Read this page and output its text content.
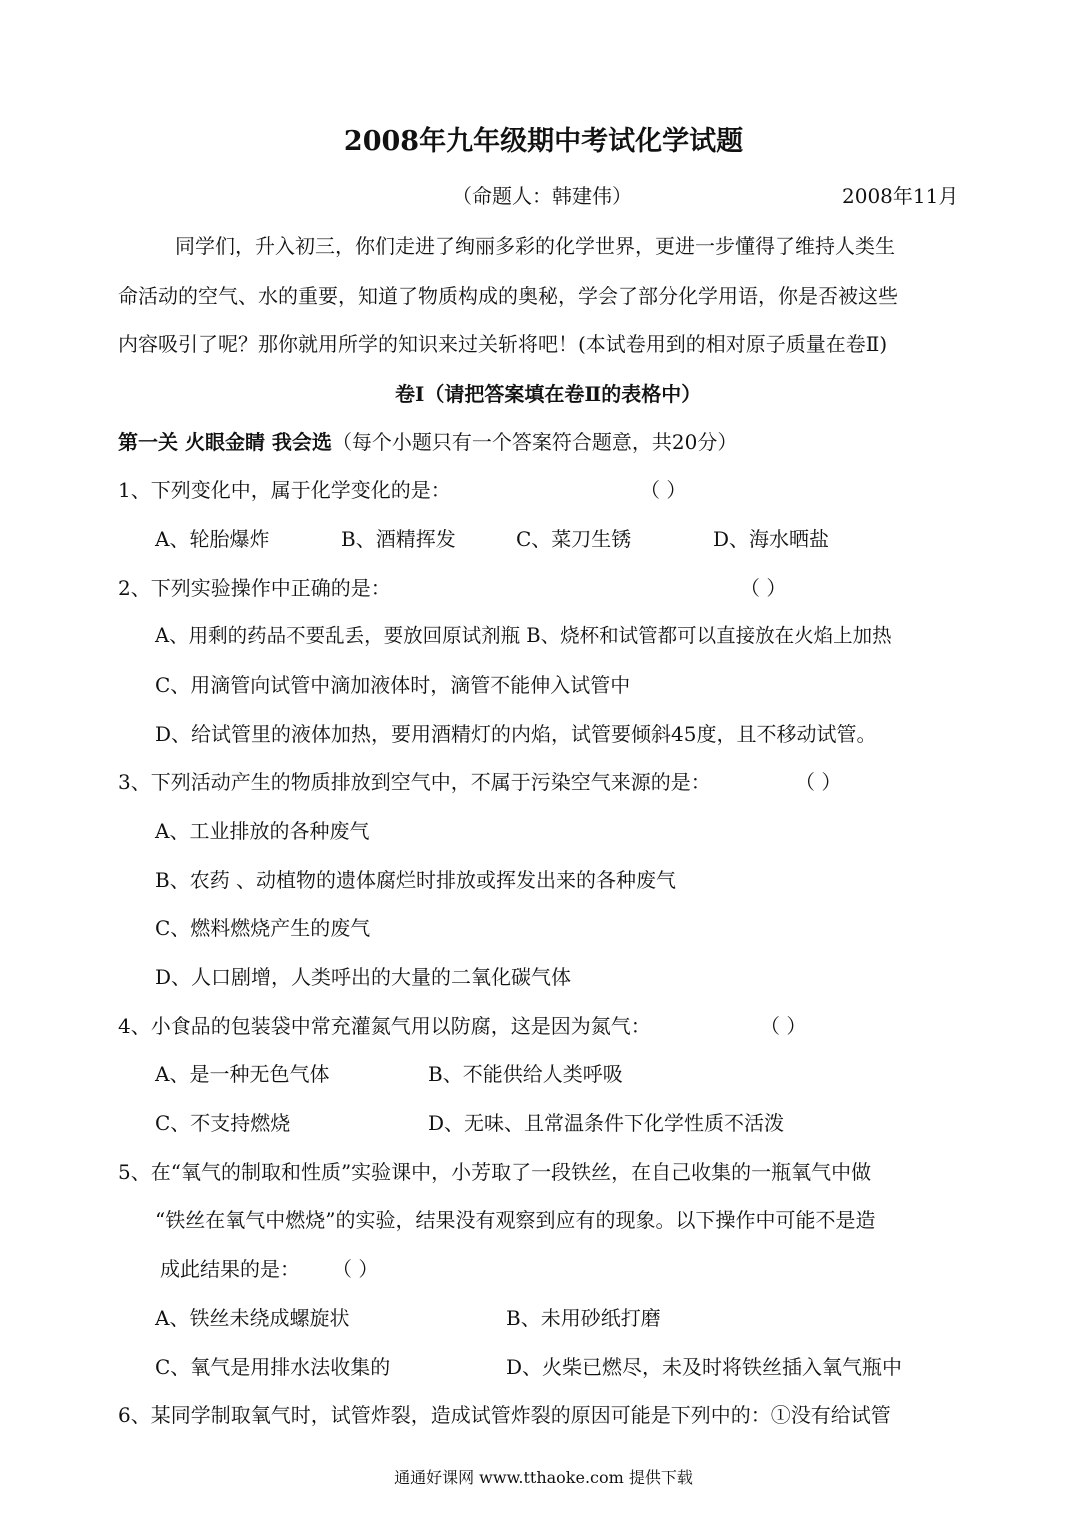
2008年九年级期中考试化学试题
（命题人：韩建伟）	2008年11月
同学们，升入初三，你们走进了绚丽多彩的化学世界，更进一步懂得了维持人类生
命活动的空气、水的重要，知道了物质构成的奥秘，学会了部分化学用语，你是否被这些
内容吸引了呢？那你就用所学的知识来过关斩将吧！(本试卷用到的相对原子质量在卷Ⅱ)
卷Ⅰ（请把答案填在卷Ⅱ的表格中）
第一关 火眼金睛 我会选（每个小题只有一个答案符合题意，共20分）
1、下列变化中，属于化学变化的是：	（ ）
A、轮胎爆炸	B、酒精挥发	C、菜刀生锈	D、海水晒盐
2、下列实验操作中正确的是：	（ ）
A、用剩的药品不要乱丢，要放回原试剂瓶 B、烧杯和试管都可以直接放在火焰上加热
C、用滴管向试管中滴加液体时，滴管不能伸入试管中
D、给试管里的液体加热，要用酒精灯的内焰，试管要倾斜45度，且不移动试管。
3、下列活动产生的物质排放到空气中，不属于污染空气来源的是：	（ ）
A、工业排放的各种废气
B、农药 、动植物的遗体腐烂时排放或挥发出来的各种废气
C、燃料燃烧产生的废气
D、人口剧增，人类呼出的大量的二氧化碳气体
4、小食品的包装袋中常充灌氮气用以防腐，这是因为氮气：	（ ）
A、是一种无色气体	B、不能供给人类呼吸
C、不支持燃烧	D、无味、且常温条件下化学性质不活泼
5、在“氧气的制取和性质”实验课中，小芳取了一段铁丝，在自己收集的一瓶氧气中做
“铁丝在氧气中燃烧”的实验，结果没有观察到应有的现象。以下操作中可能不是造
成此结果的是： （ ）
A、铁丝未绕成螺旋状	B、未用砂纸打磨
C、氧气是用排水法收集的	D、火柴已燃尽，未及时将铁丝插入氧气瓶中
6、某同学制取氧气时，试管炸裂，造成试管炸裂的原因可能是下列中的：①没有给试管
通通好课网 www.tthaoke.com 提供下载
